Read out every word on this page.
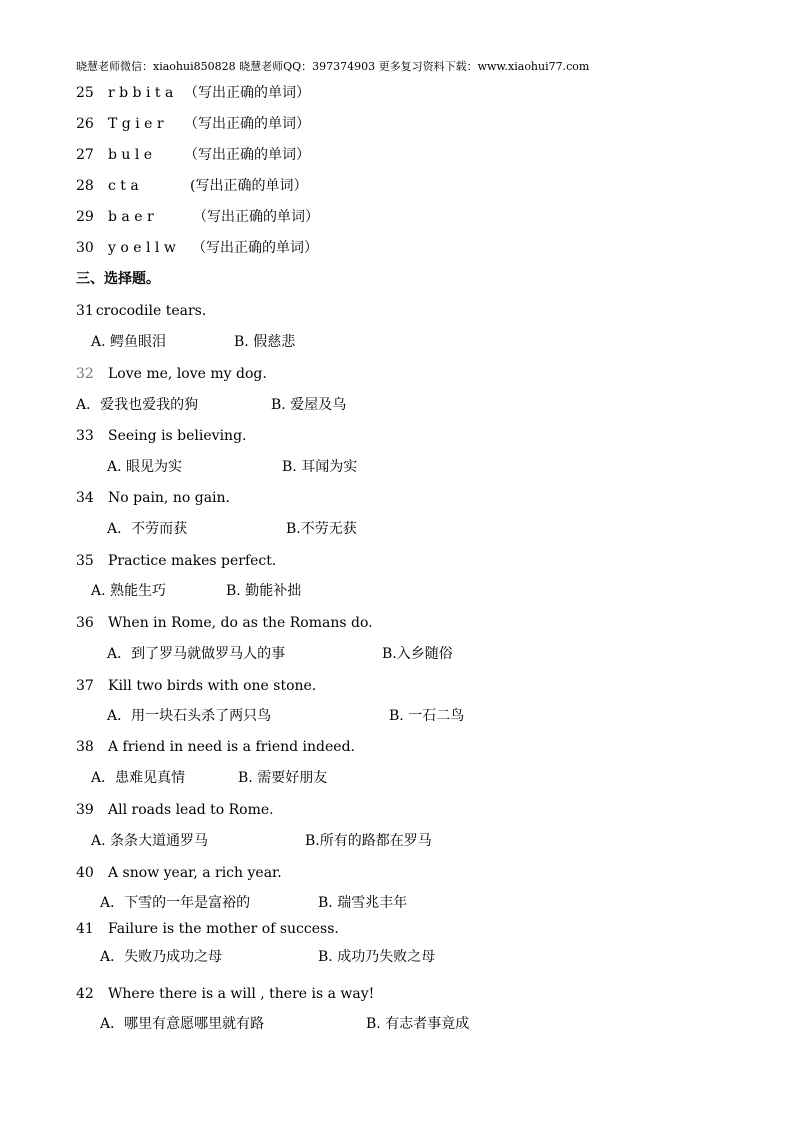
晓慧老师微信：xiaohui850828 晓慧老师QQ：397374903 更多复习资料下载：www.xiaohui77.com
25 r b b i t a （写出正确的单词）
26 T g i e r （写出正确的单词）
27 b u l e （写出正确的单词）
28 c t a	(写出正确的单词）
29 b a e r	（写出正确的单词）
30 y o e l l w （写出正确的单词）
三、选择题。
31 crocodile tears.
A. 鳄鱼眼泪	B. 假慈悲
32 Love me, love my dog.
A．爱我也爱我的狗	B. 爱屋及乌
33 Seeing is believing.
A. 眼见为实	B. 耳闻为实
34 No pain, no gain.
A．不劳而获	B.不劳无获
35 Practice makes perfect.
A. 熟能生巧	B. 勤能补拙
36 When in Rome, do as the Romans do.
A．到了罗马就做罗马人的事	B.入乡随俗
37 Kill two birds with one stone.
A．用一块石头杀了两只鸟	B. 一石二鸟
38 A friend in need is a friend indeed.
A．患难见真情	B. 需要好朋友
39 All roads lead to Rome.
A. 条条大道通罗马	B.所有的路都在罗马
40 A snow year, a rich year.
A．下雪的一年是富裕的	B. 瑞雪兆丰年
41 Failure is the mother of success.
A．失败乃成功之母	B. 成功乃失败之母
42 Where there is a will , there is a way!
A．哪里有意愿哪里就有路	B. 有志者事竟成
